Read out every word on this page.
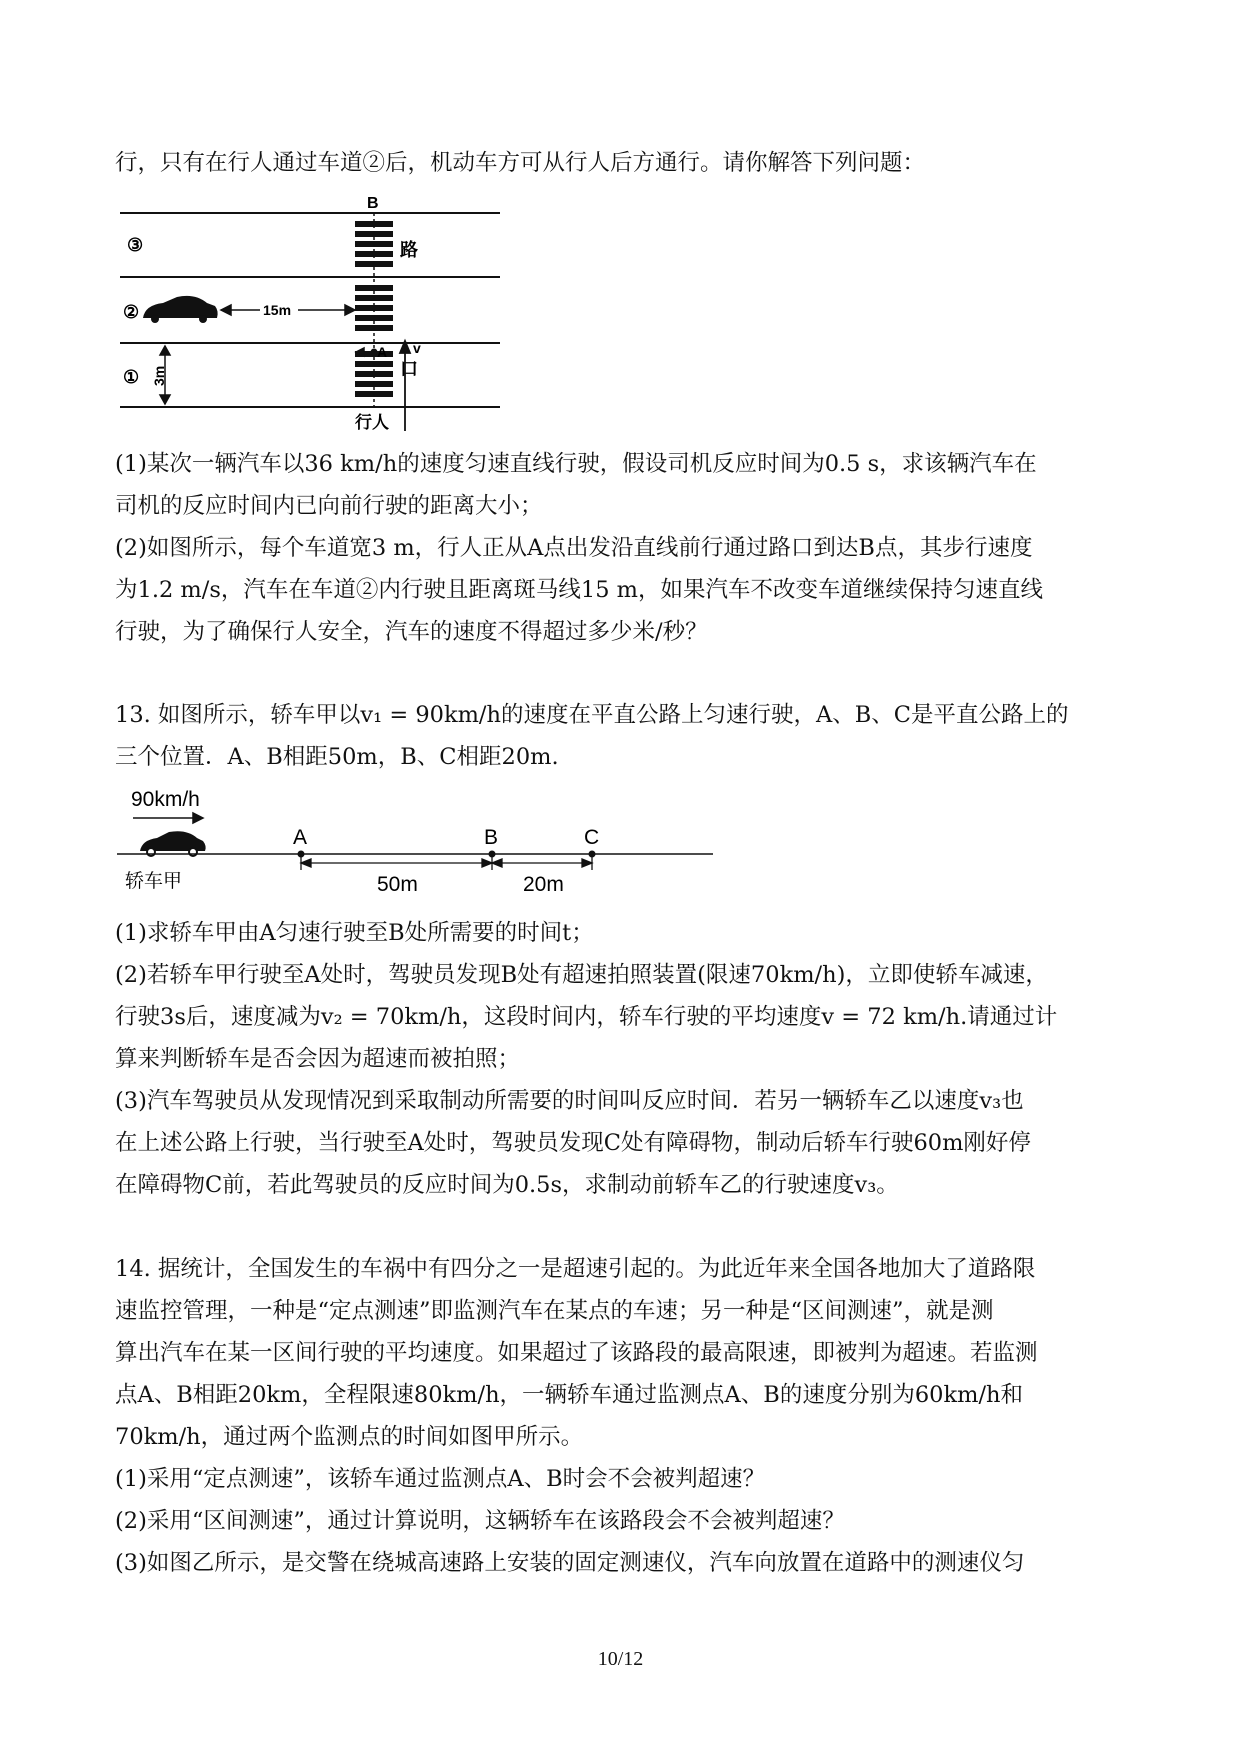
行，只有在行人通过车道②后，机动车方可从行人后方通行。请你解答下列问题：
B
③
②
①
路
口
15m
3m
A v
行人
(1)某次一辆汽车以36 km/h的速度匀速直线行驶，假设司机反应时间为0.5 s，求该辆汽车在
司机的反应时间内已向前行驶的距离大小；
(2)如图所示，每个车道宽3 m，行人正从A点出发沿直线前行通过路口到达B点，其步行速度
为1.2 m/s，汽车在车道②内行驶且距离斑马线15 m，如果汽车不改变车道继续保持匀速直线
行驶，为了确保行人安全，汽车的速度不得超过多少米/秒？
13. 如图所示，轿车甲以v₁ = 90km/h的速度在平直公路上匀速行驶，A、B、C是平直公路上的
三个位置．A、B相距50m，B、C相距20m.
90km/h
轿车甲
A	B	C
50m	20m
(1)求轿车甲由A匀速行驶至B处所需要的时间t；
(2)若轿车甲行驶至A处时，驾驶员发现B处有超速拍照装置(限速70km/h)，立即使轿车减速，
行驶3s后，速度减为v₂ = 70km/h，这段时间内，轿车行驶的平均速度v = 72 km/h.请通过计
算来判断轿车是否会因为超速而被拍照；
(3)汽车驾驶员从发现情况到采取制动所需要的时间叫反应时间．若另一辆轿车乙以速度v₃也
在上述公路上行驶，当行驶至A处时，驾驶员发现C处有障碍物，制动后轿车行驶60m刚好停
在障碍物C前，若此驾驶员的反应时间为0.5s，求制动前轿车乙的行驶速度v₃。
14. 据统计，全国发生的车祸中有四分之一是超速引起的。为此近年来全国各地加大了道路限
速监控管理，一种是“定点测速”即监测汽车在某点的车速；另一种是“区间测速”，就是测
算出汽车在某一区间行驶的平均速度。如果超过了该路段的最高限速，即被判为超速。若监测
点A、B相距20km，全程限速80km/h，一辆轿车通过监测点A、B的速度分别为60km/h和
70km/h，通过两个监测点的时间如图甲所示。
(1)采用“定点测速”，该轿车通过监测点A、B时会不会被判超速？
(2)采用“区间测速”，通过计算说明，这辆轿车在该路段会不会被判超速？
(3)如图乙所示，是交警在绕城高速路上安装的固定测速仪，汽车向放置在道路中的测速仪匀
10/12
